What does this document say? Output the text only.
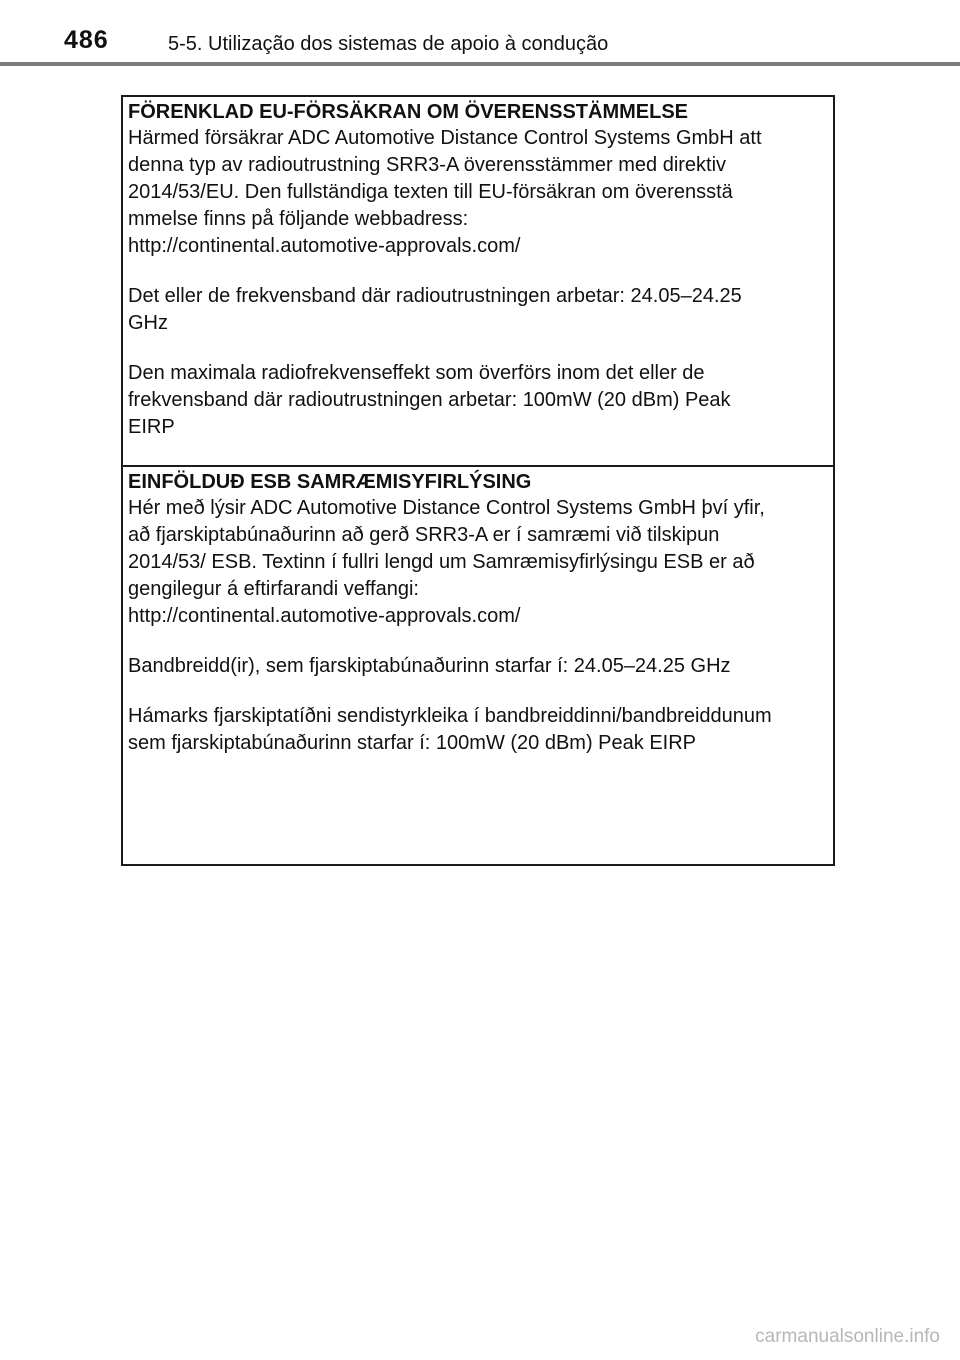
486	5-5. Utilização dos sistemas de apoio à condução
FÖRENKLAD EU-FÖRSÄKRAN OM ÖVERENSSTÄMMELSE
Härmed försäkrar ADC Automotive Distance Control Systems GmbH att
denna typ av radioutrustning SRR3-A överensstämmer med direktiv
2014/53/EU. Den fullständiga texten till EU-försäkran om överensstä
mmelse finns på följande webbadress:
http://continental.automotive-approvals.com/
Det eller de frekvensband där radioutrustningen arbetar: 24.05–24.25
GHz
Den maximala radiofrekvenseffekt som överförs inom det eller de
frekvensband där radioutrustningen arbetar: 100mW (20 dBm) Peak
EIRP
EINFÖLDUÐ ESB SAMRÆMISYFIRLÝSING
Hér með lýsir ADC Automotive Distance Control Systems GmbH því yfir,
að fjarskiptabúnaðurinn að gerð SRR3-A er í samræmi við tilskipun
2014/53/ ESB. Textinn í fullri lengd um Samræmisyfirlýsingu ESB er að
gengilegur á eftirfarandi veffangi:
http://continental.automotive-approvals.com/
Bandbreidd(ir), sem fjarskiptabúnaðurinn starfar í: 24.05–24.25 GHz
Hámarks fjarskiptatíðni sendistyrkleika í bandbreiddinni/bandbreiddunum
sem fjarskiptabúnaðurinn starfar í: 100mW (20 dBm) Peak EIRP
carmanualsonline.info
